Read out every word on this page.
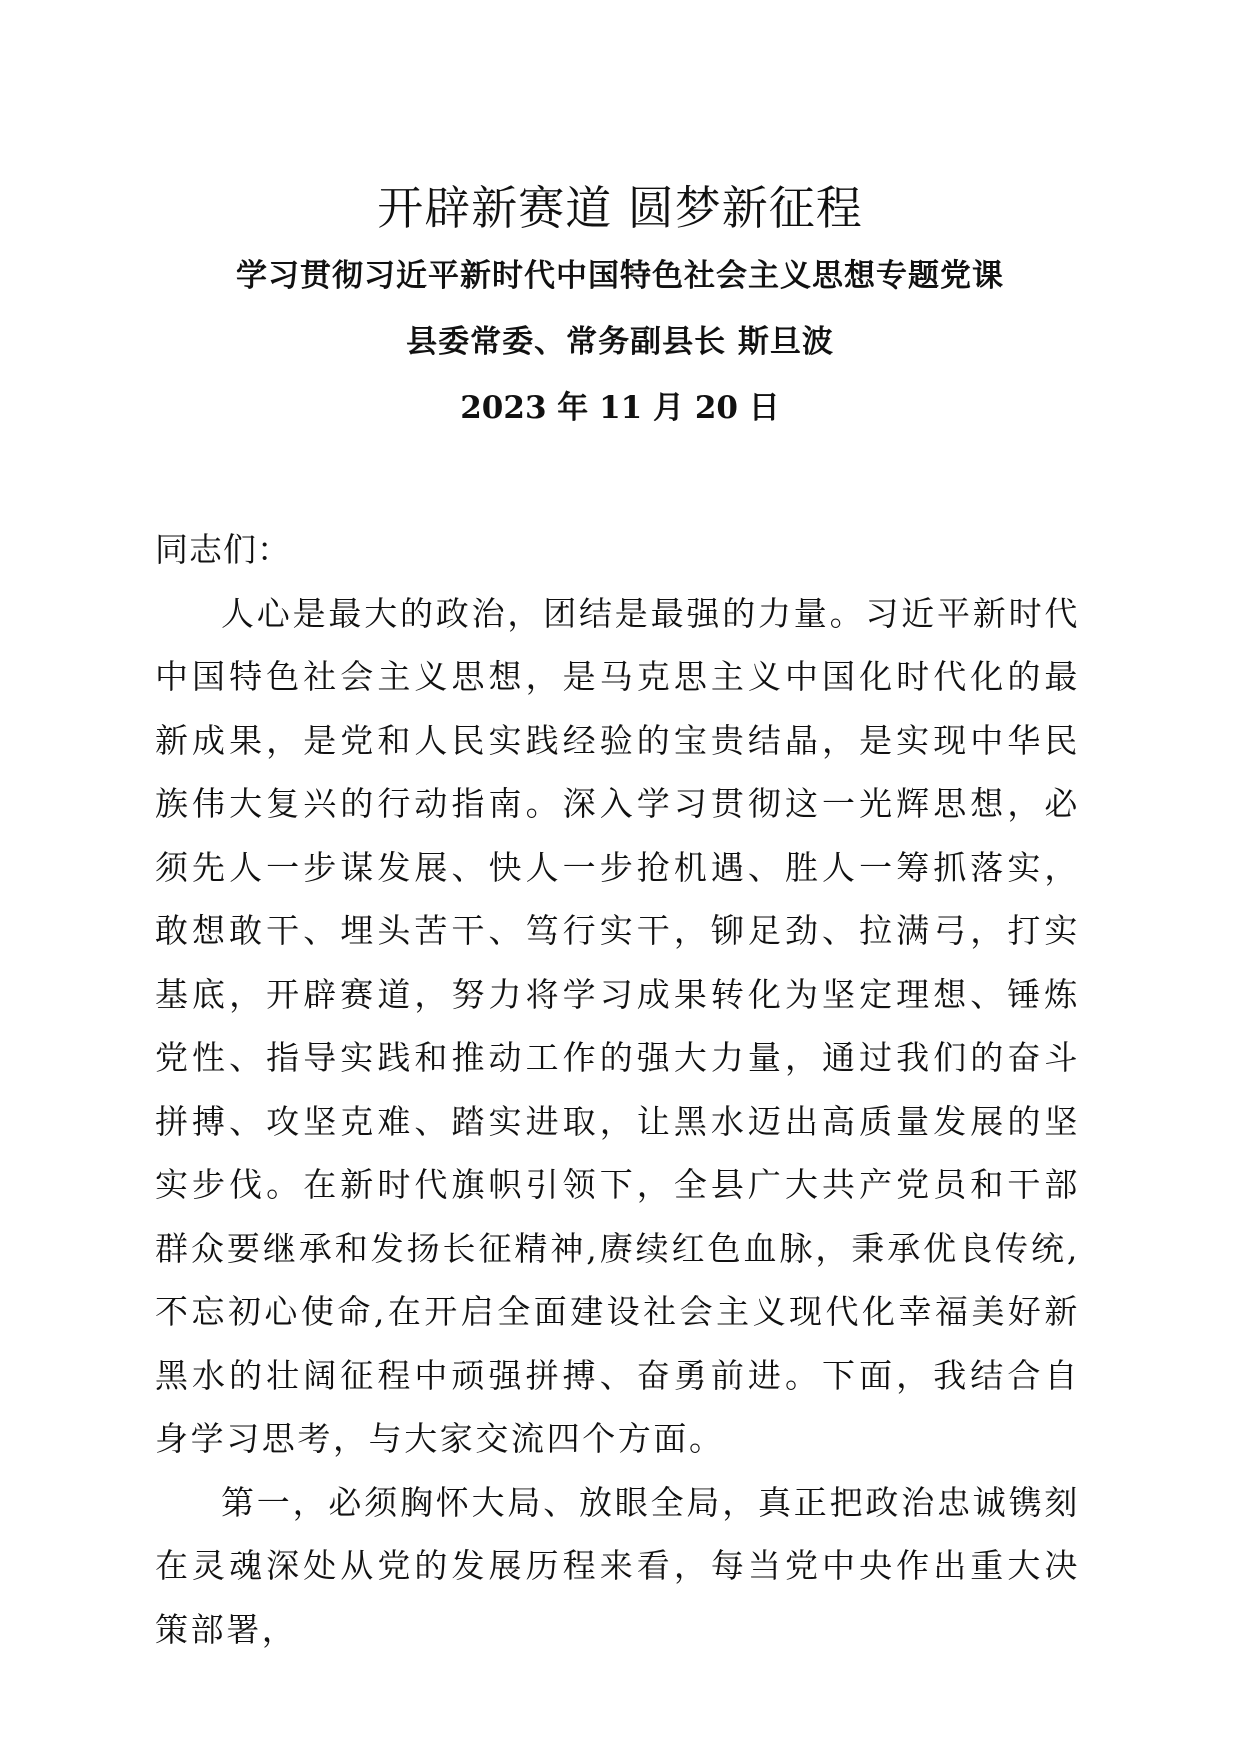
开辟新赛道 圆梦新征程
学习贯彻习近平新时代中国特色社会主义思想专题党课
县委常委、常务副县长 斯旦波
2023 年 11 月 20 日

同志们：

人心是最大的政治，团结是最强的力量。习近平新时代中国特色社会主义思想，是马克思主义中国化时代化的最新成果，是党和人民实践经验的宝贵结晶，是实现中华民族伟大复兴的行动指南。深入学习贯彻这一光辉思想，必须先人一步谋发展、快人一步抢机遇、胜人一筹抓落实，敢想敢干、埋头苦干、笃行实干，铆足劲、拉满弓，打实基底，开辟赛道，努力将学习成果转化为坚定理想、锤炼党性、指导实践和推动工作的强大力量，通过我们的奋斗拼搏、攻坚克难、踏实进取，让黑水迈出高质量发展的坚实步伐。在新时代旗帜引领下，全县广大共产党员和干部群众要继承和发扬长征精神,赓续红色血脉，秉承优良传统,不忘初心使命,在开启全面建设社会主义现代化幸福美好新黑水的壮阔征程中顽强拼搏、奋勇前进。下面，我结合自身学习思考，与大家交流四个方面。

第一，必须胸怀大局、放眼全局，真正把政治忠诚镌刻在灵魂深处从党的发展历程来看，每当党中央作出重大决策部署，
